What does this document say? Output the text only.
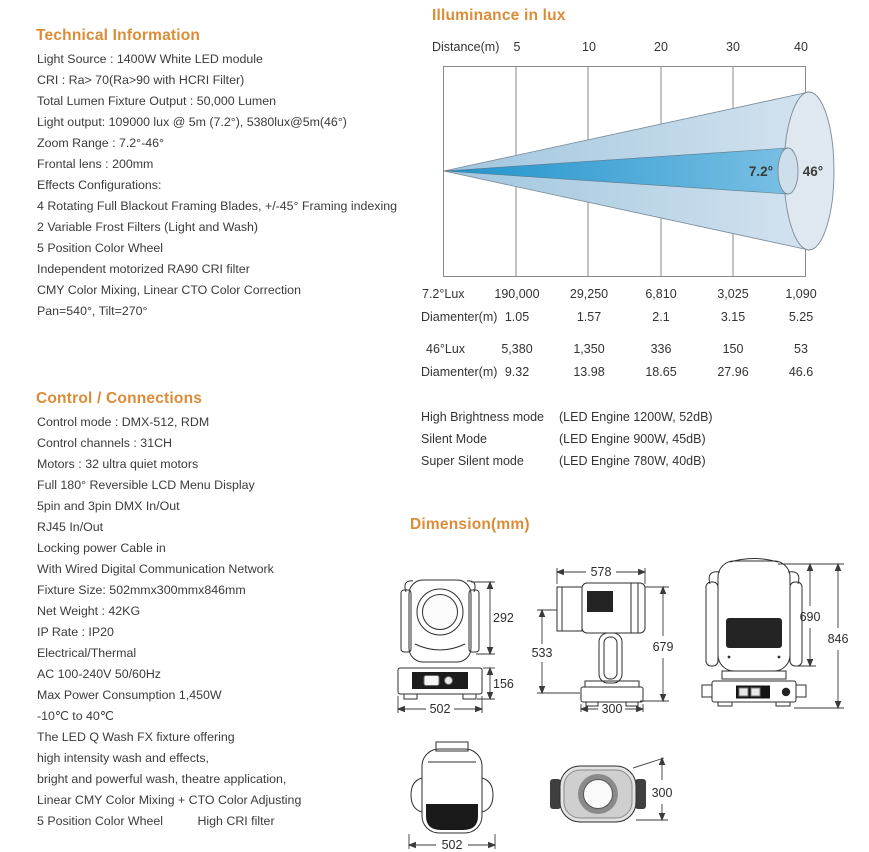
Technical Information
Light Source : 1400W White LED module
CRI : Ra> 70(Ra>90 with HCRI Filter)
Total Lumen Fixture Output : 50,000 Lumen
Light output: 109000 lux @ 5m (7.2°), 5380lux@5m(46°)
Zoom Range : 7.2°-46°
Frontal lens : 200mm
Effects Configurations:
4 Rotating Full Blackout Framing Blades, +/-45° Framing indexing
2 Variable Frost Filters (Light and Wash)
5 Position Color Wheel
Independent motorized RA90 CRI filter
CMY Color Mixing, Linear CTO Color Correction
Pan=540°, Tilt=270°
Control / Connections
Control mode : DMX-512, RDM
Control channels : 31CH
Motors : 32 ultra quiet motors
Full 180° Reversible LCD Menu Display
5pin and 3pin DMX In/Out
RJ45 In/Out
Locking power Cable in
With Wired Digital Communication Network
Fixture Size: 502mmx300mmx846mm
Net Weight : 42KG
IP Rate : IP20
Electrical/Thermal
AC 100-240V 50/60Hz
Max Power Consumption 1,450W
-10℃ to 40℃
The LED Q Wash FX fixture offering
high intensity wash and effects,
bright and powerful wash, theatre application,
Linear CMY Color Mixing + CTO Color Adjusting
5 Position Color Wheel          High CRI filter
Illuminance in lux
Distance(m) 5	10	20	30	40
7.2° 46°
7.2°Lux 190,000 29,250	6,810	3,025	1,090
Diamenter(m) 1.05	1.57	2.1	3.15	5.25
46°Lux	5,380	1,350	336	150	53
Diamenter(m) 9.32	13.98	18.65	27.96	46.6
High Brightness mode (LED Engine 1200W, 52dB)
Silent Mode	(LED Engine 900W, 45dB)
Super Silent mode	(LED Engine 780W, 40dB)
Dimension(mm)
292
156
502
578
533	679
300
690
846
502
300
